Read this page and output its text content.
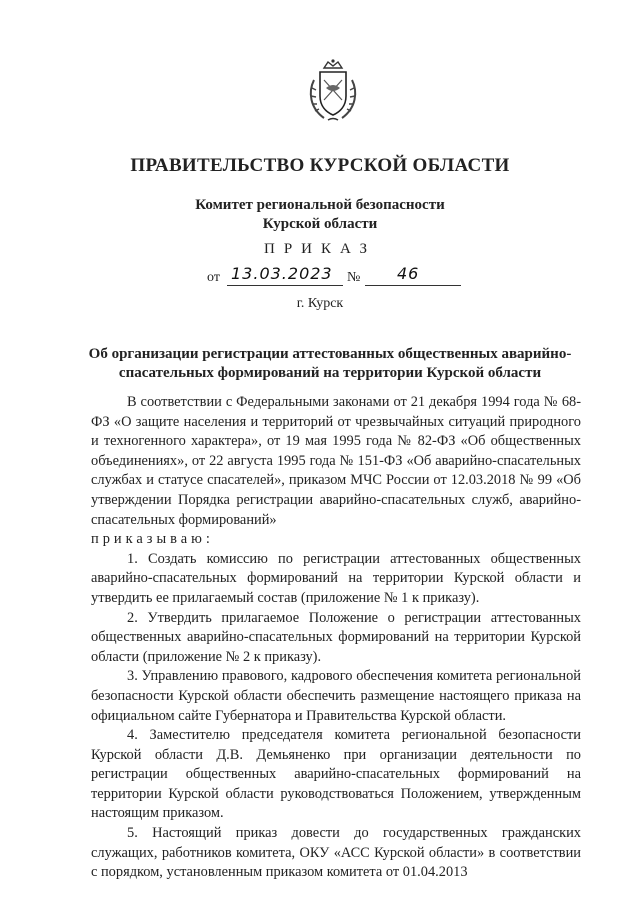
ПРАВИТЕЛЬСТВО КУРСКОЙ ОБЛАСТИ
Комитет региональной безопасности
Курской области
ПРИКАЗ
от 13.03.2023 № 46
г. Курск
Об организации регистрации аттестованных общественных аварийно-
спасательных формирований на территории Курской области

В соответствии с Федеральными законами от 21 декабря 1994 года № 68-ФЗ «О защите населения и территорий от чрезвычайных ситуаций природного и техногенного характера», от 19 мая 1995 года № 82-ФЗ «Об общественных объединениях», от 22 августа 1995 года № 151-ФЗ «Об аварийно-спасательных службах и статусе спасателей», приказом МЧС России от 12.03.2018 № 99 «Об утверждении Порядка регистрации аварийно-спасательных служб, аварийно-спасательных формирований»

приказываю:

1. Создать комиссию по регистрации аттестованных общественных аварийно-спасательных формирований на территории Курской области и утвердить ее прилагаемый состав (приложение № 1 к приказу).

2. Утвердить прилагаемое Положение о регистрации аттестованных общественных аварийно-спасательных формирований на территории Курской области (приложение № 2 к приказу).

3. Управлению правового, кадрового обеспечения комитета региональной безопасности Курской области обеспечить размещение настоящего приказа на официальном сайте Губернатора и Правительства Курской области.

4. Заместителю председателя комитета региональной безопасности Курской области Д.В. Демьяненко при организации деятельности по регистрации общественных аварийно-спасательных формирований на территории Курской области руководствоваться Положением, утвержденным настоящим приказом.

5. Настоящий приказ довести до государственных гражданских служащих, работников комитета, ОКУ «АСС Курской области» в соответствии с порядком, установленным приказом комитета от 01.04.2013
